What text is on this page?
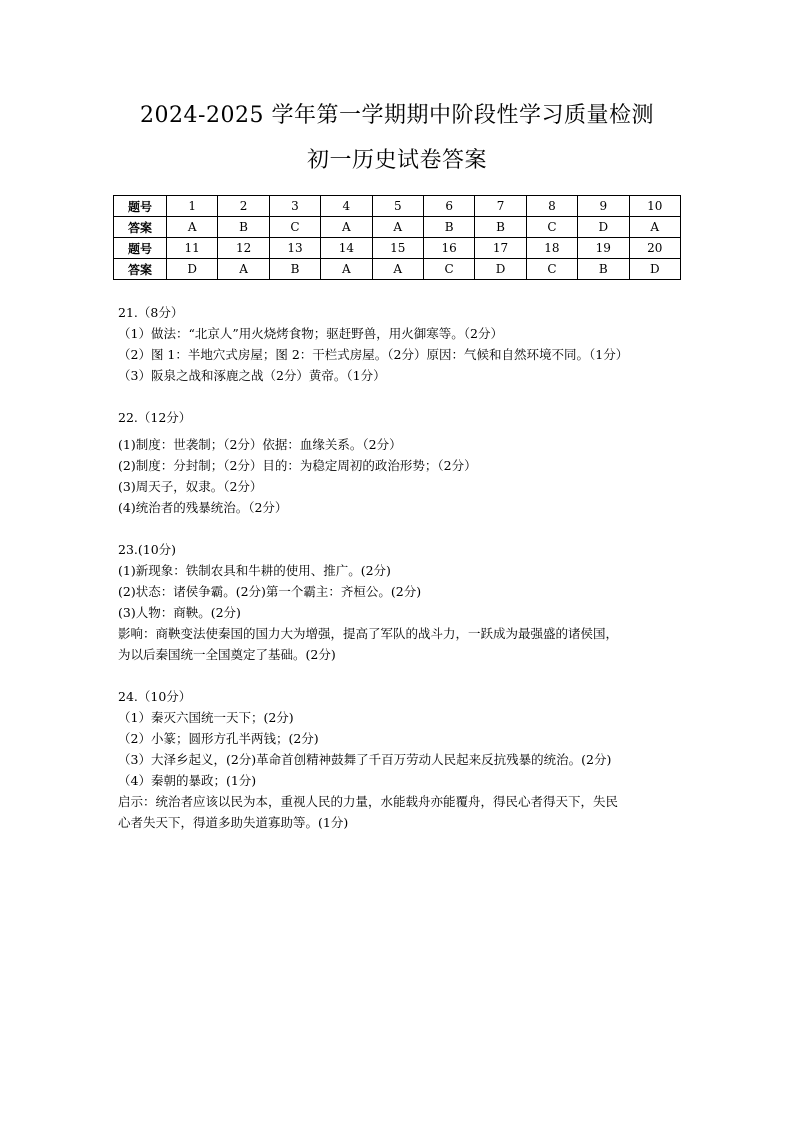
2024-2025 学年第一学期期中阶段性学习质量检测
初一历史试卷答案
题号	1	2	3	4	5	6	7	8	9	10
答案	A	B	C	A	A	B	B	C	D	A
题号	11	12	13	14	15	16	17	18	19	20
答案	D	A	B	A	A	C	D	C	B	D
21.（8分）
（1）做法：“北京人”用火烧烤食物；驱赶野兽，用火御寒等。（2分）
（2）图 1：半地穴式房屋；图 2：干栏式房屋。（2分）原因：气候和自然环境不同。（1分）
（3）阪泉之战和涿鹿之战（2分）黄帝。（1分）
22.（12分）
(1)制度：世袭制；（2分）依据：血缘关系。（2分）
(2)制度：分封制；（2分）目的：为稳定周初的政治形势；（2分）
(3)周天子，奴隶。（2分）
(4)统治者的残暴统治。（2分）
23.(10分)
(1)新现象：铁制农具和牛耕的使用、推广。(2分)
(2)状态：诸侯争霸。(2分)第一个霸主：齐桓公。(2分)
(3)人物：商鞅。(2分)
影响：商鞅变法使秦国的国力大为增强，提高了军队的战斗力，一跃成为最强盛的诸侯国，
为以后秦国统一全国奠定了基础。(2分)
24.（10分）
（1）秦灭六国统一天下；(2分)
（2）小篆；圆形方孔半两钱；(2分)
（3）大泽乡起义，(2分)革命首创精神鼓舞了千百万劳动人民起来反抗残暴的统治。(2分)
（4）秦朝的暴政；(1分)
启示：统治者应该以民为本，重视人民的力量，水能载舟亦能覆舟，得民心者得天下，失民
心者失天下，得道多助失道寡助等。(1分)
